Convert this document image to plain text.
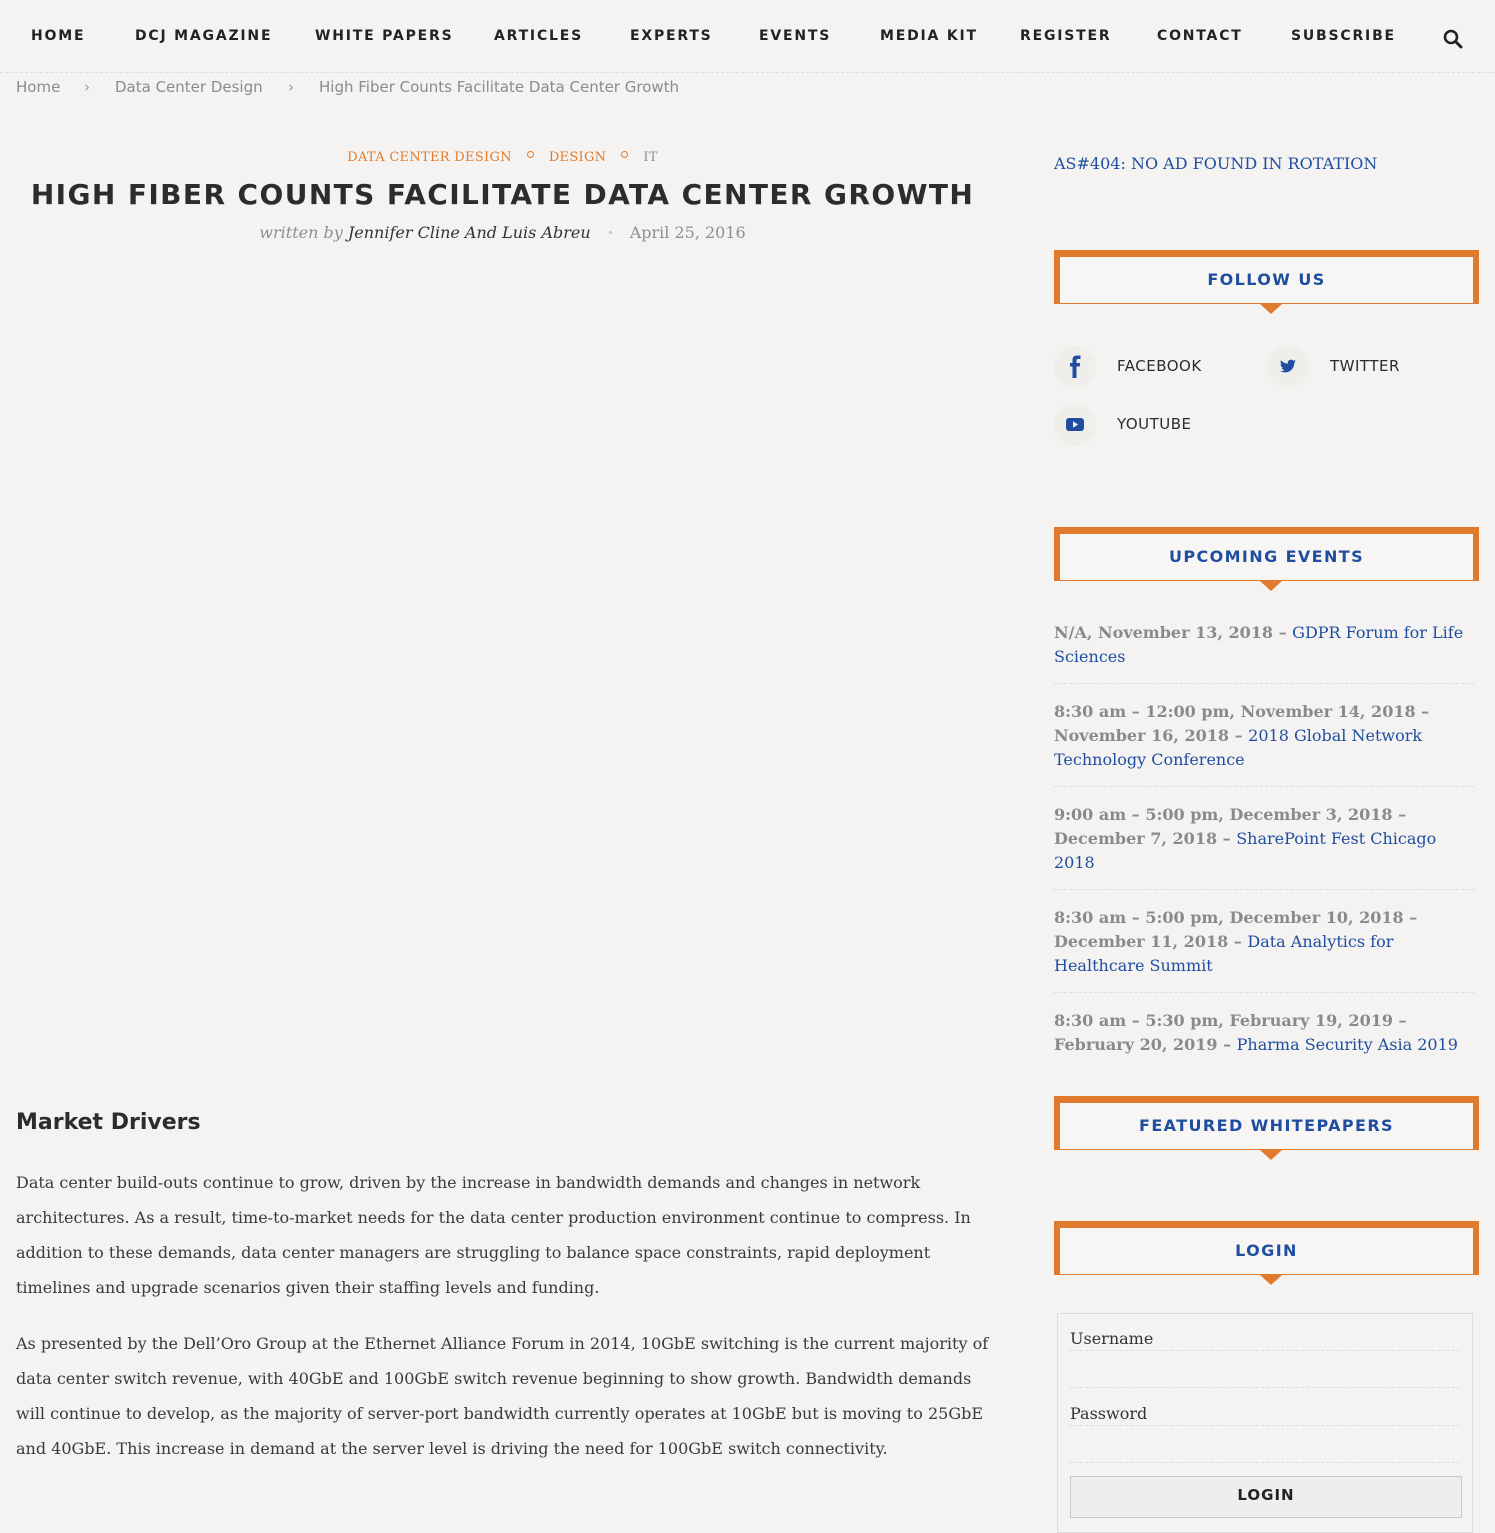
HOME	DCJ MAGAZINE	WHITE PAPERS	ARTICLES	EXPERTS	EVENTS	MEDIA KIT	REGISTER	CONTACT	SUBSCRIBE
Home › Data Center Design › High Fiber Counts Facilitate Data Center Growth
DATA CENTER DESIGN	DESIGN	IT
HIGH FIBER COUNTS FACILITATE DATA CENTER GROWTH
written by Jennifer Cline And Luis Abreu April 25, 2016
Market Drivers

Data center build-outs continue to grow, driven by the increase in bandwidth demands and changes in network architectures. As a result, time-to-market needs for the data center production environment continue to compress. In addition to these demands, data center managers are struggling to balance space constraints, rapid deployment timelines and upgrade scenarios given their staffing levels and funding.

As presented by the Dell’Oro Group at the Ethernet Alliance Forum in 2014, 10GbE switching is the current majority of data center switch revenue, with 40GbE and 100GbE switch revenue beginning to show growth. Bandwidth demands will continue to develop, as the majority of server-port bandwidth currently operates at 10GbE but is moving to 25GbE and 40GbE. This increase in demand at the server level is driving the need for 100GbE switch connectivity.

AS#404: NO AD FOUND IN ROTATION
FOLLOW US
FACEBOOK	TWITTER
YOUTUBE
UPCOMING EVENTS
N/A, November 13, 2018 – GDPR Forum for Life Sciences
8:30 am – 12:00 pm, November 14, 2018 – November 16, 2018 – 2018 Global Network Technology Conference
9:00 am – 5:00 pm, December 3, 2018 – December 7, 2018 – SharePoint Fest Chicago 2018
8:30 am – 5:00 pm, December 10, 2018 – December 11, 2018 – Data Analytics for Healthcare Summit
8:30 am – 5:30 pm, February 19, 2019 – February 20, 2019 – Pharma Security Asia 2019
FEATURED WHITEPAPERS
LOGIN
Username
Password
LOGIN
